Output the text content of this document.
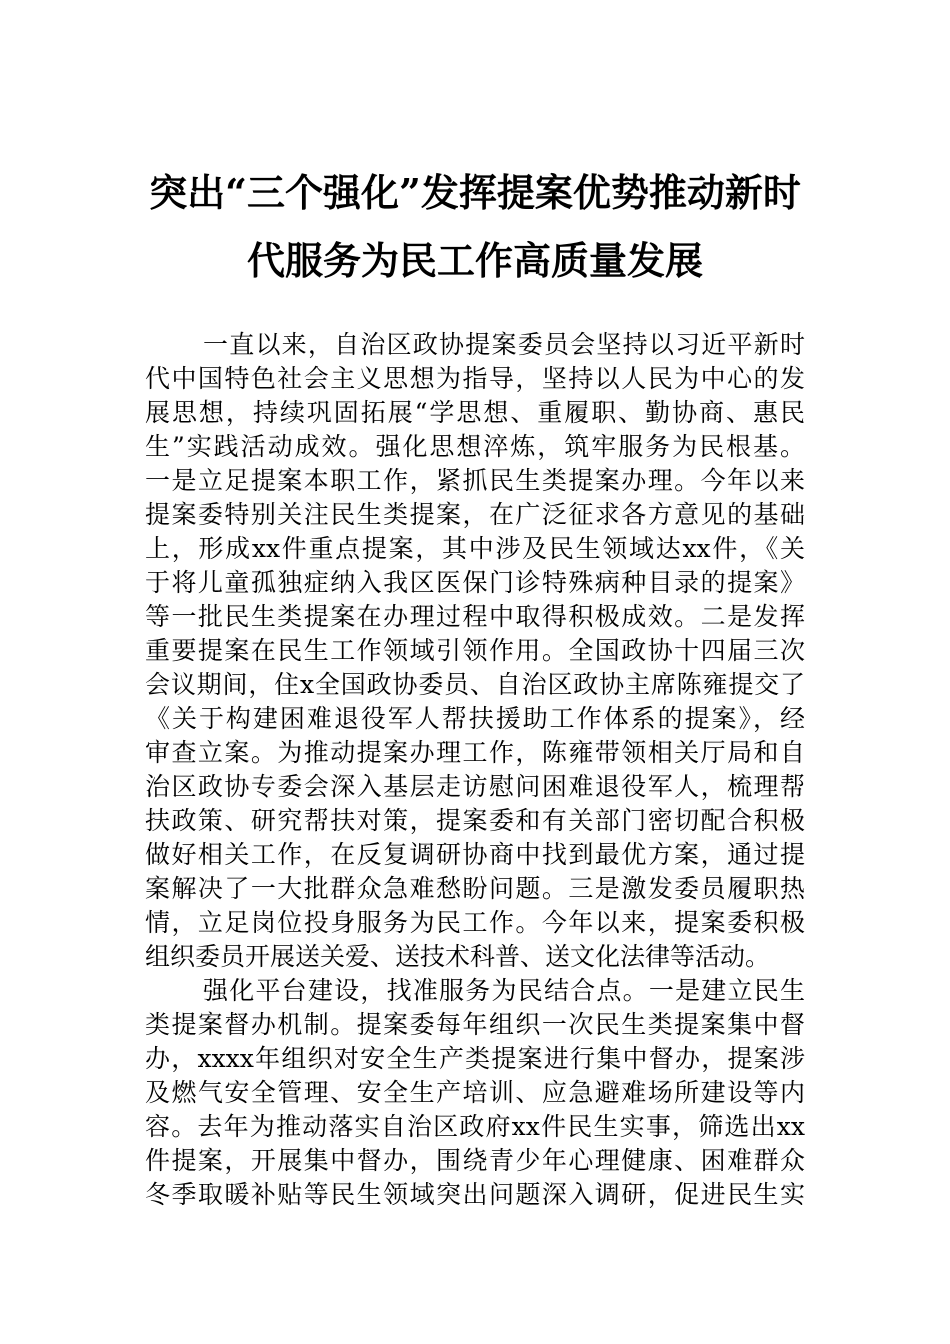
突出“三个强化”发挥提案优势推动新时
代服务为民工作高质量发展
一直以来，自治区政协提案委员会坚持以习近平新时
代中国特色社会主义思想为指导，坚持以人民为中心的发
展思想，持续巩固拓展“学思想、重履职、勤协商、惠民
生”实践活动成效。强化思想淬炼，筑牢服务为民根基。
一是立足提案本职工作，紧抓民生类提案办理。今年以来
提案委特别关注民生类提案，在广泛征求各方意见的基础
上，形成xx件重点提案，其中涉及民生领域达xx件，《关
于将儿童孤独症纳入我区医保门诊特殊病种目录的提案》
等一批民生类提案在办理过程中取得积极成效。二是发挥
重要提案在民生工作领域引领作用。全国政协十四届三次
会议期间，住x全国政协委员、自治区政协主席陈雍提交了
《关于构建困难退役军人帮扶援助工作体系的提案》，经
审查立案。为推动提案办理工作，陈雍带领相关厅局和自
治区政协专委会深入基层走访慰问困难退役军人，梳理帮
扶政策、研究帮扶对策，提案委和有关部门密切配合积极
做好相关工作，在反复调研协商中找到最优方案，通过提
案解决了一大批群众急难愁盼问题。三是激发委员履职热
情，立足岗位投身服务为民工作。今年以来，提案委积极
组织委员开展送关爱、送技术科普、送文化法律等活动。
强化平台建设，找准服务为民结合点。一是建立民生
类提案督办机制。提案委每年组织一次民生类提案集中督
办，xxxx年组织对安全生产类提案进行集中督办，提案涉
及燃气安全管理、安全生产培训、应急避难场所建设等内
容。去年为推动落实自治区政府xx件民生实事，筛选出xx
件提案，开展集中督办，围绕青少年心理健康、困难群众
冬季取暖补贴等民生领域突出问题深入调研，促进民生实
